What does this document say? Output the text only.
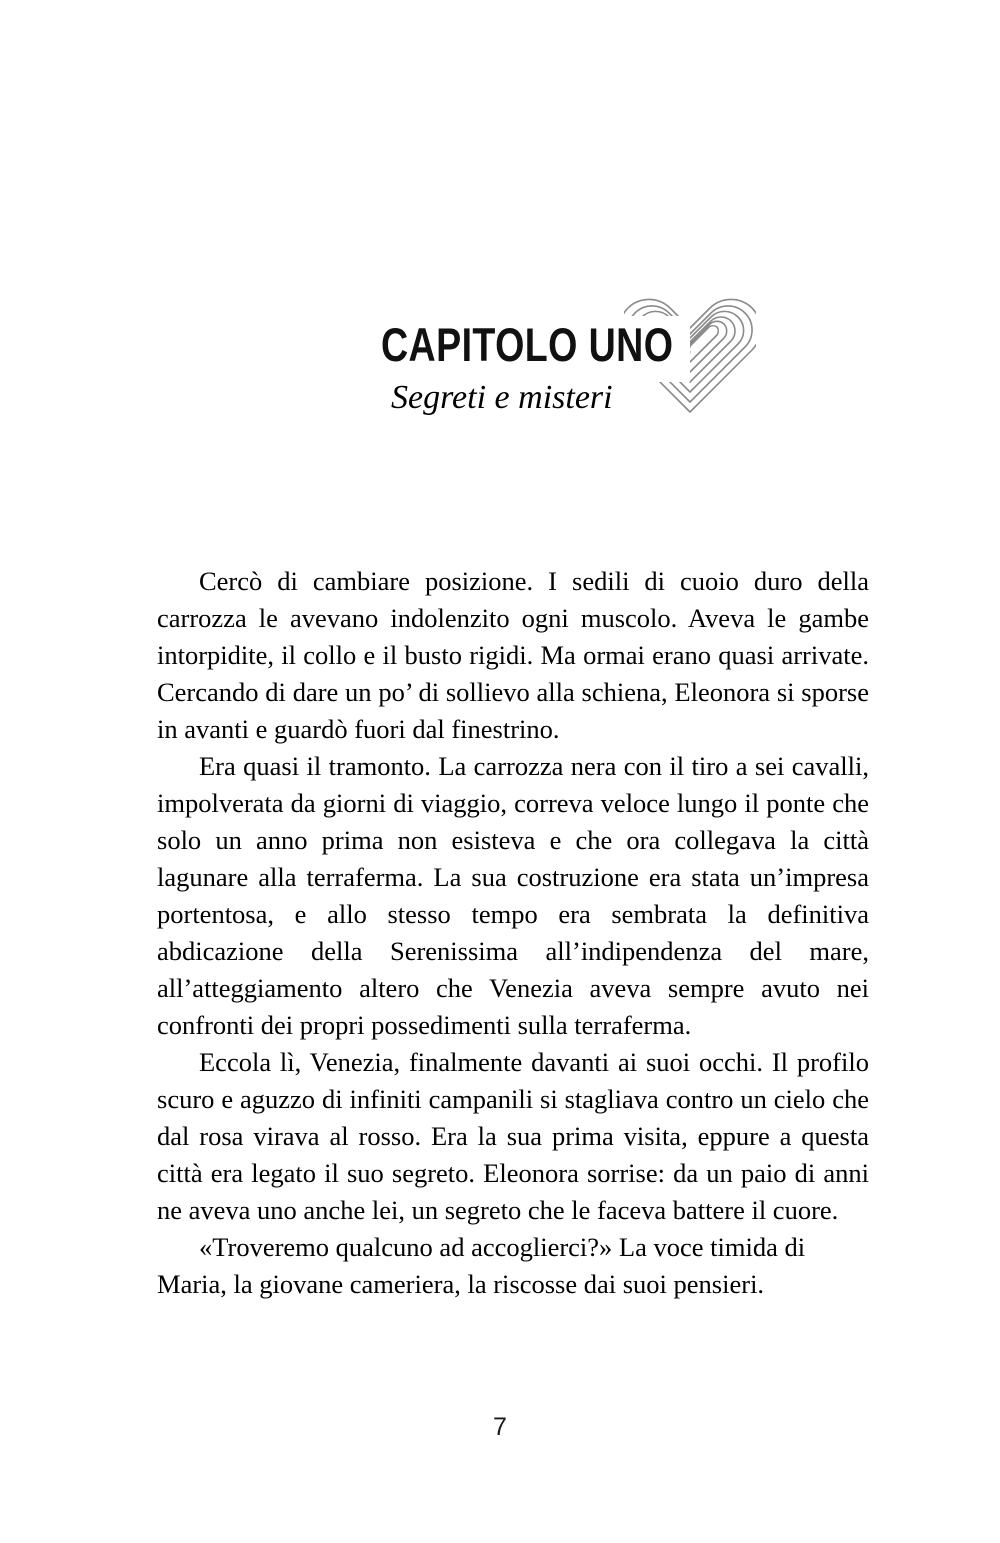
CAPITOLO UNO
Segreti e misteri

Cercò di cambiare posizione. I sedili di cuoio duro della carrozza le avevano indolenzito ogni muscolo. Aveva le gambe intorpidite, il collo e il busto rigidi. Ma ormai erano quasi arrivate. Cercando di dare un po’ di sollievo alla schiena, Eleonora si sporse in avanti e guardò fuori dal finestrino.

Era quasi il tramonto. La carrozza nera con il tiro a sei cavalli, impolverata da giorni di viaggio, correva veloce lungo il ponte che solo un anno prima non esisteva e che ora collegava la città lagunare alla terraferma. La sua costruzione era stata un’impresa portentosa, e allo stesso tempo era sembrata la definitiva abdicazione della Serenissima all’indipendenza del mare, all’atteggiamento altero che Venezia aveva sempre avuto nei confronti dei propri possedimenti sulla terraferma.

Eccola lì, Venezia, finalmente davanti ai suoi occhi. Il profilo scuro e aguzzo di infiniti campanili si stagliava contro un cielo che dal rosa virava al rosso. Era la sua prima visita, eppure a questa città era legato il suo segreto. Eleonora sorrise: da un paio di anni ne aveva uno anche lei, un segreto che le faceva battere il cuore.

«Troveremo qualcuno ad accoglierci?» La voce timida di Maria, la giovane cameriera, la riscosse dai suoi pensieri.

7
